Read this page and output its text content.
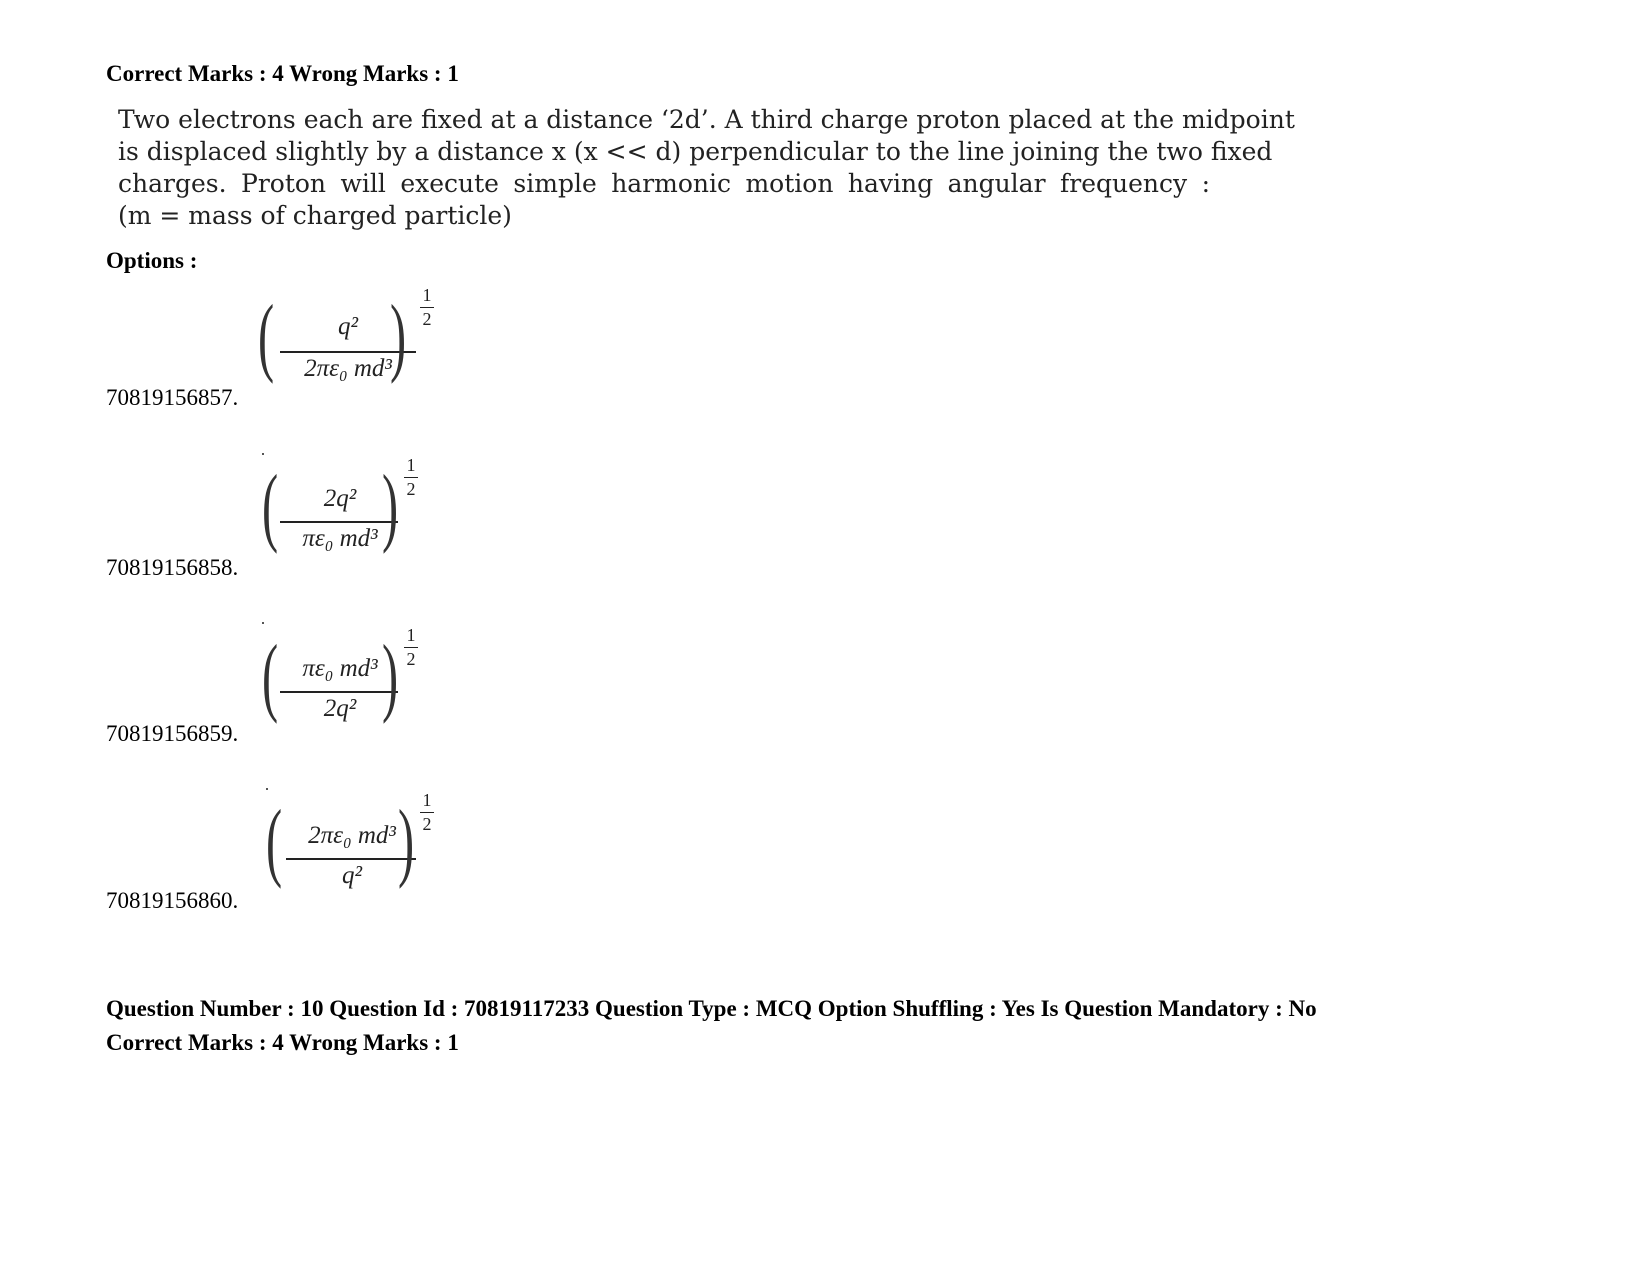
Correct Marks : 4 Wrong Marks : 1
Two electrons each are fixed at a distance ‘2d’. A third charge proton placed at the midpoint
is displaced slightly by a distance x (x << d) perpendicular to the line joining the two fixed
charges. Proton will execute simple harmonic motion having angular frequency :
(m = mass of charged particle)
Options :
70819156857.
(	q²
2πε₀ md³
) 1
2
70819156858.
(	2q²
πε₀ md³ ) 1
2
70819156859.
( πε₀ md³
2q² ) 1
2
70819156860.
(	2πε₀ md³
q² ) 1
2
Question Number : 10 Question Id : 70819117233 Question Type : MCQ Option Shuffling : Yes Is Question Mandatory : No
Correct Marks : 4 Wrong Marks : 1
